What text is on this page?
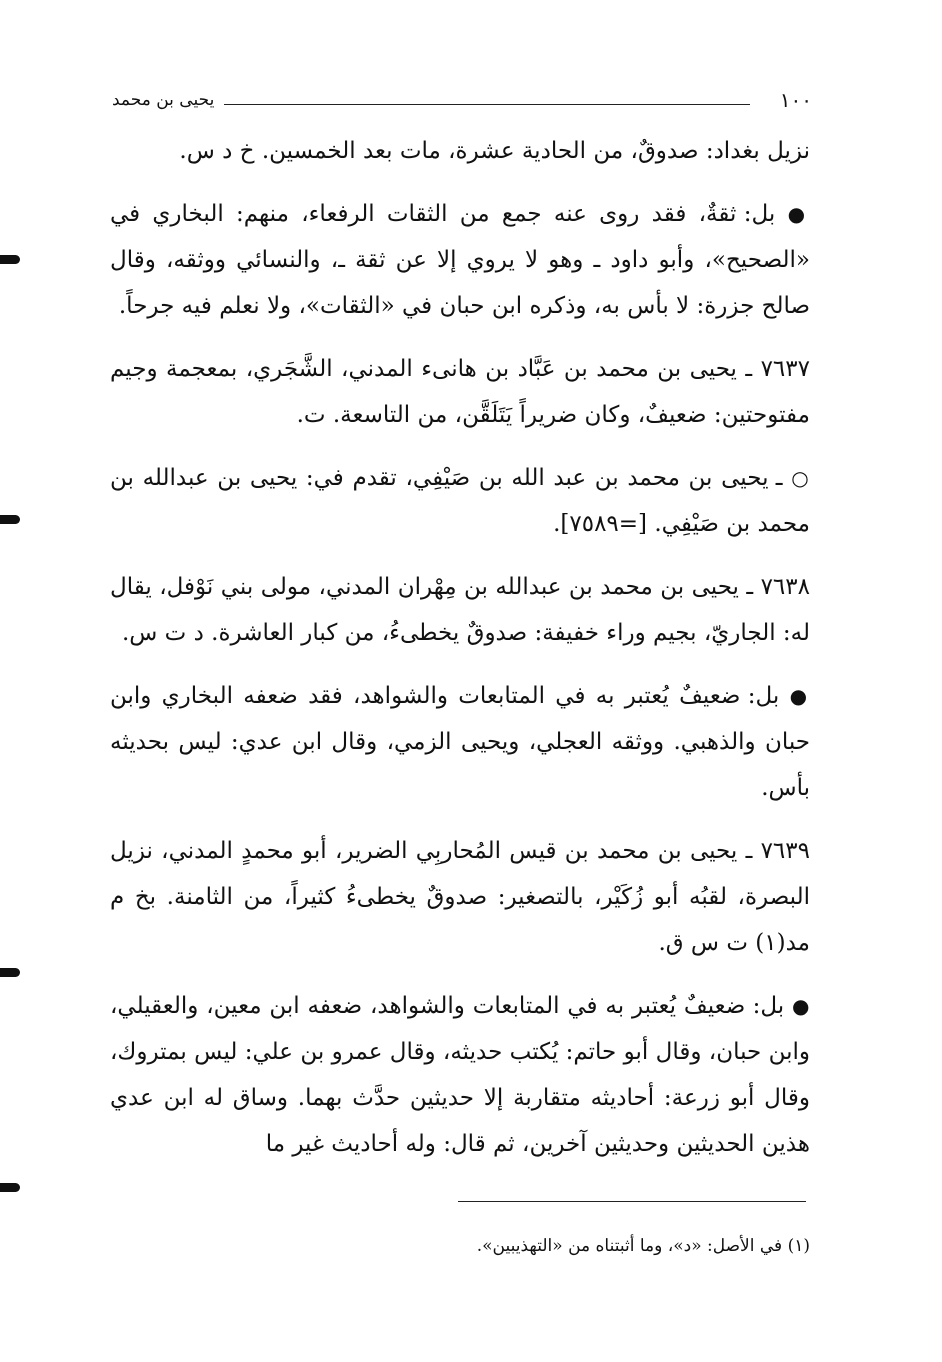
١٠٠
يحيى بن محمد

نزيل بغداد: صدوقٌ، من الحادية عشرة، مات بعد الخمسين. خ د س.

● بل: ثقةٌ، فقد روى عنه جمع من الثقات الرفعاء، منهم: البخاري في «الصحيح»، وأبو داود ـ وهو لا يروي إلا عن ثقة ـ، والنسائي ووثقه، وقال صالح جزرة: لا بأس به، وذكره ابن حبان في «الثقات»، ولا نعلم فيه جرحاً.

٧٦٣٧ ـ يحيى بن محمد بن عَبَّاد بن هانىء المدني، الشَّجَري، بمعجمة وجيم مفتوحتين: ضعيفٌ، وكان ضريراً يَتَلَقَّن، من التاسعة. ت.

○ ـ يحيى بن محمد بن عبد الله بن صَيْفِي، تقدم في: يحيى بن عبدالله بن محمد بن صَيْفِي. [=٧٥٨٩].

٧٦٣٨ ـ يحيى بن محمد بن عبدالله بن مِهْران المدني، مولى بني نَوْفل، يقال له: الجاريّ، بجيم وراء خفيفة: صدوقٌ يخطىءُ، من كبار العاشرة. د ت س.

● بل: ضعيفٌ يُعتبر به في المتابعات والشواهد، فقد ضعفه البخاري وابن حبان والذهبي. ووثقه العجلي، ويحيى الزمي، وقال ابن عدي: ليس بحديثه بأس.

٧٦٣٩ ـ يحيى بن محمد بن قيس المُحاربِي الضرير، أبو محمدٍ المدني، نزيل البصرة، لقبُه أبو زُكَيْر، بالتصغير: صدوقٌ يخطىءُ كثيراً، من الثامنة. بخ م مد(١) ت س ق.

● بل: ضعيفٌ يُعتبر به في المتابعات والشواهد، ضعفه ابن معين، والعقيلي، وابن حبان، وقال أبو حاتم: يُكتب حديثه، وقال عمرو بن علي: ليس بمتروك، وقال أبو زرعة: أحاديثه متقاربة إلا حديثين حدَّث بهما. وساق له ابن عدي هذين الحديثين وحديثين آخرين، ثم قال: وله أحاديث غير ما

(١) في الأصل: «د»، وما أثبتناه من «التهذيبين».
